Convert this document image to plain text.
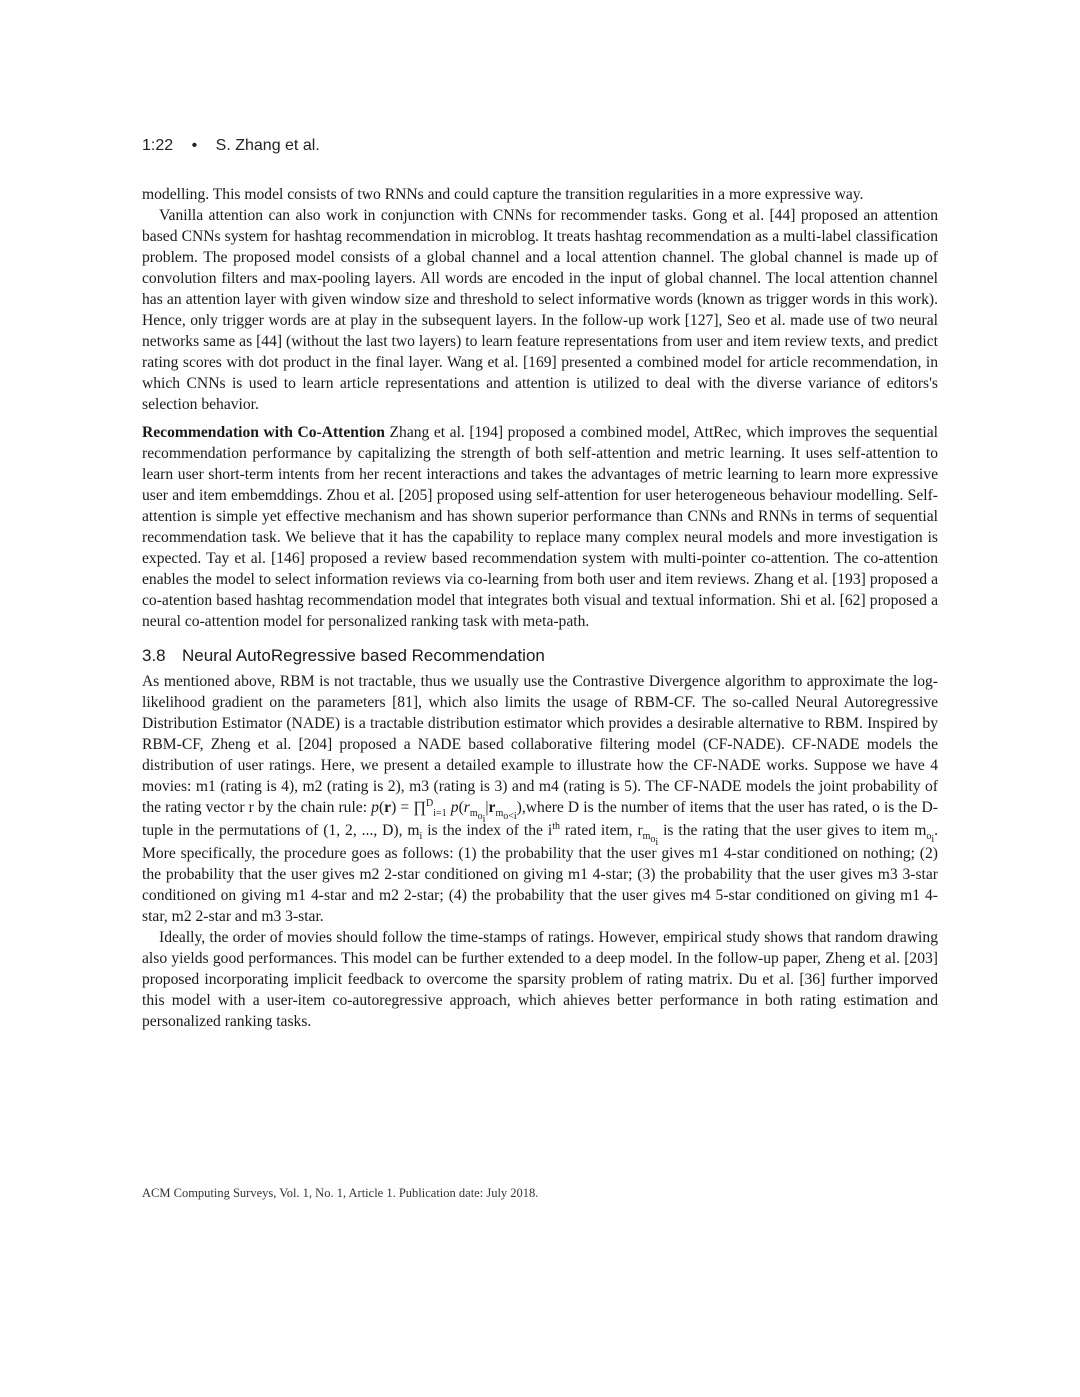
1:22 • S. Zhang et al.

modelling. This model consists of two RNNs and could capture the transition regularities in a more expressive way.

Vanilla attention can also work in conjunction with CNNs for recommender tasks. Gong et al. [44] proposed an attention based CNNs system for hashtag recommendation in microblog. It treats hashtag recommendation as a multi-label classification problem. The proposed model consists of a global channel and a local attention channel. The global channel is made up of convolution filters and max-pooling layers. All words are encoded in the input of global channel. The local attention channel has an attention layer with given window size and threshold to select informative words (known as trigger words in this work). Hence, only trigger words are at play in the subsequent layers. In the follow-up work [127], Seo et al. made use of two neural networks same as [44] (without the last two layers) to learn feature representations from user and item review texts, and predict rating scores with dot product in the final layer. Wang et al. [169] presented a combined model for article recommendation, in which CNNs is used to learn article representations and attention is utilized to deal with the diverse variance of editors's selection behavior.

Recommendation with Co-Attention Zhang et al. [194] proposed a combined model, AttRec, which improves the sequential recommendation performance by capitalizing the strength of both self-attention and metric learning. It uses self-attention to learn user short-term intents from her recent interactions and takes the advantages of metric learning to learn more expressive user and item embemddings. Zhou et al. [205] proposed using self-attention for user heterogeneous behaviour modelling. Self-attention is simple yet effective mechanism and has shown superior performance than CNNs and RNNs in terms of sequential recommendation task. We believe that it has the capability to replace many complex neural models and more investigation is expected. Tay et al. [146] proposed a review based recommendation system with multi-pointer co-attention. The co-attention enables the model to select information reviews via co-learning from both user and item reviews. Zhang et al. [193] proposed a co-atention based hashtag recommendation model that integrates both visual and textual information. Shi et al. [62] proposed a neural co-attention model for personalized ranking task with meta-path.

3.8 Neural AutoRegressive based Recommendation

As mentioned above, RBM is not tractable, thus we usually use the Contrastive Divergence algorithm to approximate the log-likelihood gradient on the parameters [81], which also limits the usage of RBM-CF. The so-called Neural Autoregressive Distribution Estimator (NADE) is a tractable distribution estimator which provides a desirable alternative to RBM. Inspired by RBM-CF, Zheng et al. [204] proposed a NADE based collaborative filtering model (CF-NADE). CF-NADE models the distribution of user ratings. Here, we present a detailed example to illustrate how the CF-NADE works. Suppose we have 4 movies: m1 (rating is 4), m2 (rating is 2), m3 (rating is 3) and m4 (rating is 5). The CF-NADE models the joint probability of the rating vector r by the chain rule: p(r) = ∏$^D_{i=1}$ $p(r_{m_{o_i}}|r_{m_{o<i}}),where$ D is the number of items that the user has rated, o is the D-tuple in the permutations of (1, 2, ..., D), $m_i$ is the index of the $i^{th}$ rated item, $r_{m_{o_i}}$ is the rating that the user gives to item $m_{o_i}$. More specifically, the procedure goes as follows: (1) the probability that the user gives m1 4-star conditioned on nothing; (2) the probability that the user gives m2 2-star conditioned on giving m1 4-star; (3) the probability that the user gives m3 3-star conditioned on giving m1 4-star and m2 2-star; (4) the probability that the user gives m4 5-star conditioned on giving m1 4-star, m2 2-star and m3 3-star.

Ideally, the order of movies should follow the time-stamps of ratings. However, empirical study shows that random drawing also yields good performances. This model can be further extended to a deep model. In the follow-up paper, Zheng et al. [203] proposed incorporating implicit feedback to overcome the sparsity problem of rating matrix. Du et al. [36] further imporved this model with a user-item co-autoregressive approach, which ahieves better performance in both rating estimation and personalized ranking tasks.

ACM Computing Surveys, Vol. 1, No. 1, Article 1. Publication date: July 2018.
